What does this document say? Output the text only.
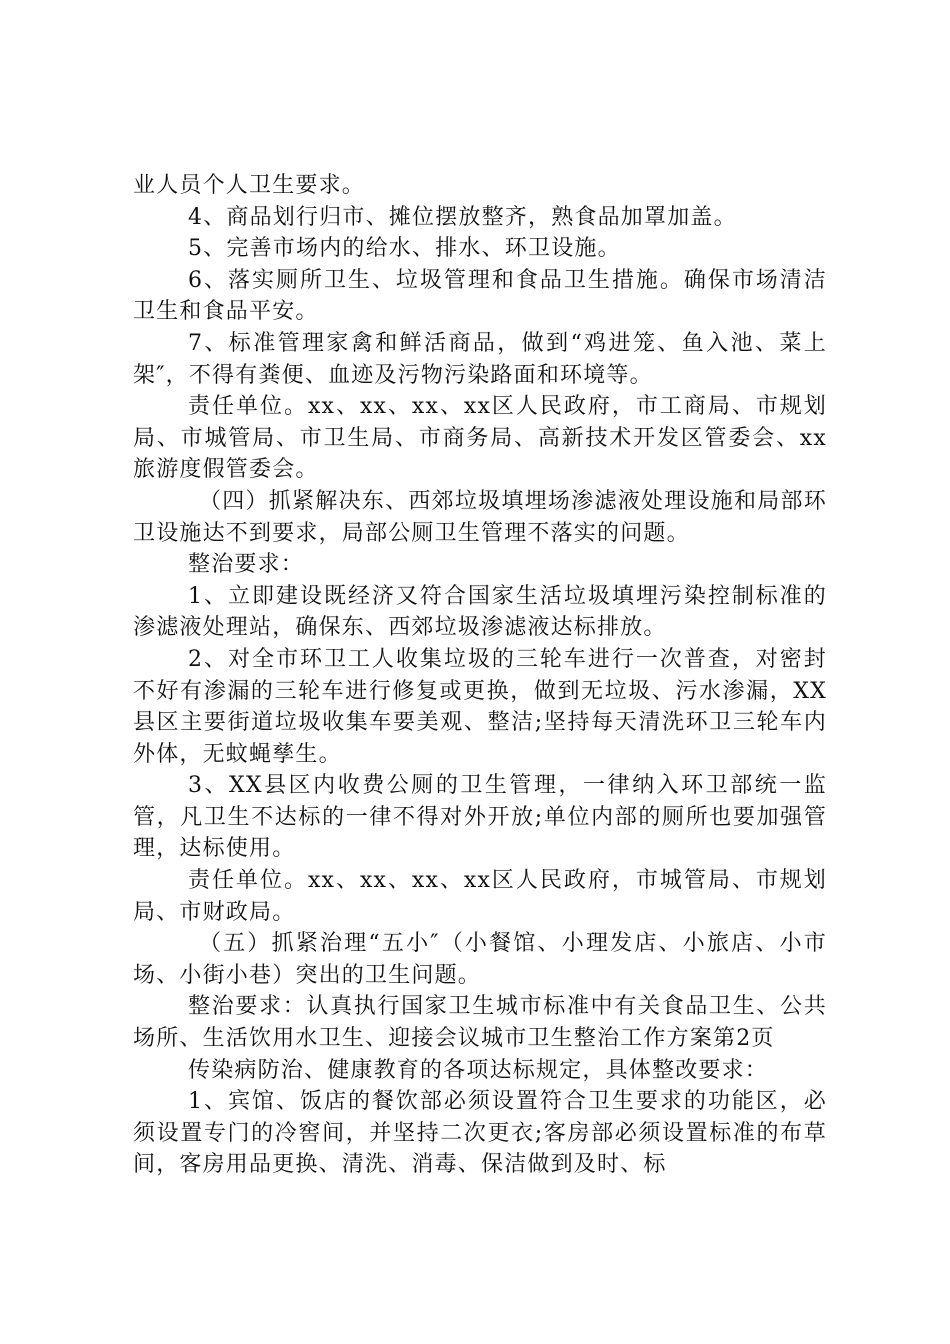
业人员个人卫生要求。

4、商品划行归市、摊位摆放整齐，熟食品加罩加盖。

5、完善市场内的给水、排水、环卫设施。

6、落实厕所卫生、垃圾管理和食品卫生措施。确保市场清洁卫生和食品平安。

7、标准管理家禽和鲜活商品，做到“鸡进笼、鱼入池、菜上架″，不得有粪便、血迹及污物污染路面和环境等。

责任单位。xx、xx、xx、xx区人民政府，市工商局、市规划局、市城管局、市卫生局、市商务局、高新技术开发区管委会、xx旅游度假管委会。

（四）抓紧解决东、西郊垃圾填埋场渗滤液处理设施和局部环卫设施达不到要求，局部公厕卫生管理不落实的问题。

整治要求：

1、立即建设既经济又符合国家生活垃圾填埋污染控制标准的渗滤液处理站，确保东、西郊垃圾渗滤液达标排放。

2、对全市环卫工人收集垃圾的三轮车进行一次普查，对密封不好有渗漏的三轮车进行修复或更换，做到无垃圾、污水渗漏，XX县区主要街道垃圾收集车要美观、整洁;坚持每天清洗环卫三轮车内外体，无蚊蝇孳生。

3、XX县区内收费公厕的卫生管理，一律纳入环卫部统一监管，凡卫生不达标的一律不得对外开放;单位内部的厕所也要加强管理，达标使用。

责任单位。xx、xx、xx、xx区人民政府，市城管局、市规划局、市财政局。

（五）抓紧治理“五小″（小餐馆、小理发店、小旅店、小市场、小街小巷）突出的卫生问题。

整治要求：认真执行国家卫生城市标准中有关食品卫生、公共场所、生活饮用水卫生、迎接会议城市卫生整治工作方案第2页

传染病防治、健康教育的各项达标规定，具体整改要求：

1、宾馆、饭店的餐饮部必须设置符合卫生要求的功能区，必须设置专门的冷窖间，并坚持二次更衣;客房部必须设置标准的布草间，客房用品更换、清洗、消毒、保洁做到及时、标
